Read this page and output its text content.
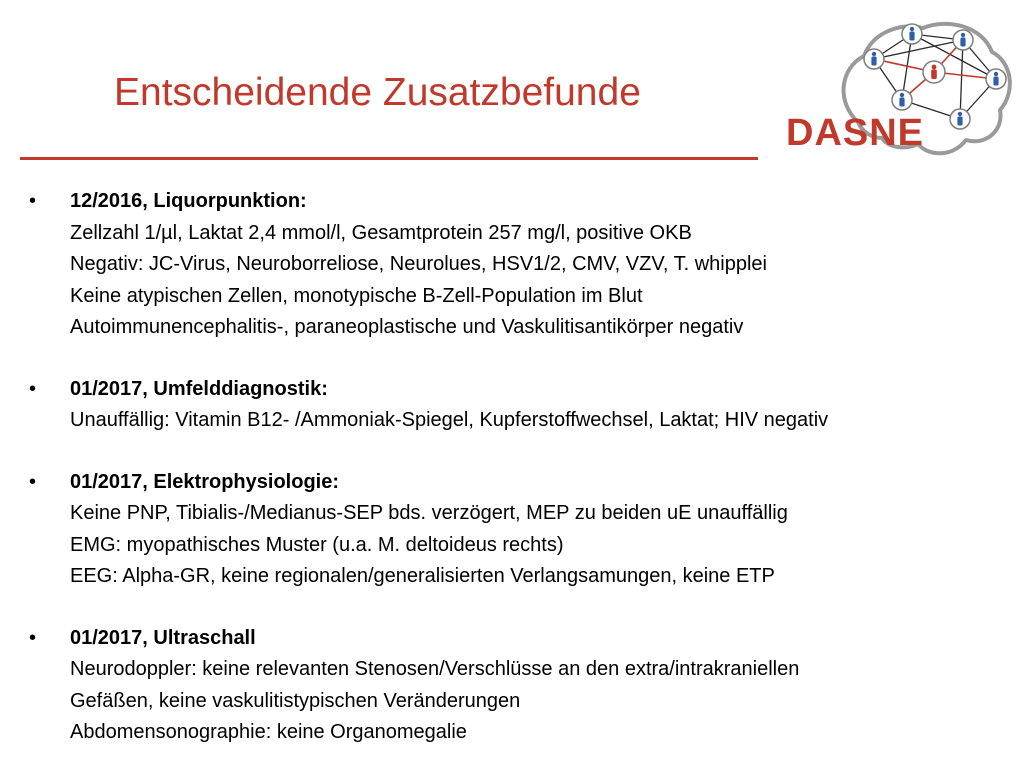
Entscheidende Zusatzbefunde
DASNE
• 12/2016, Liquorpunktion:
Zellzahl 1/µl, Laktat 2,4 mmol/l, Gesamtprotein 257 mg/l, positive OKB
Negativ: JC-Virus, Neuroborreliose, Neurolues, HSV1/2, CMV, VZV, T. whipplei
Keine atypischen Zellen, monotypische B-Zell-Population im Blut
Autoimmunencephalitis-, paraneoplastische und Vaskulitisantikörper negativ
• 01/2017, Umfelddiagnostik:
Unauffällig: Vitamin B12- /Ammoniak-Spiegel, Kupferstoffwechsel, Laktat; HIV negativ
• 01/2017, Elektrophysiologie:
Keine PNP, Tibialis-/Medianus-SEP bds. verzögert, MEP zu beiden uE unauffällig
EMG: myopathisches Muster (u.a. M. deltoideus rechts)
EEG: Alpha-GR, keine regionalen/generalisierten Verlangsamungen, keine ETP
• 01/2017, Ultraschall
Neurodoppler: keine relevanten Stenosen/Verschlüsse an den extra/intrakraniellen
Gefäßen, keine vaskulitistypischen Veränderungen
Abdomensonographie: keine Organomegalie
